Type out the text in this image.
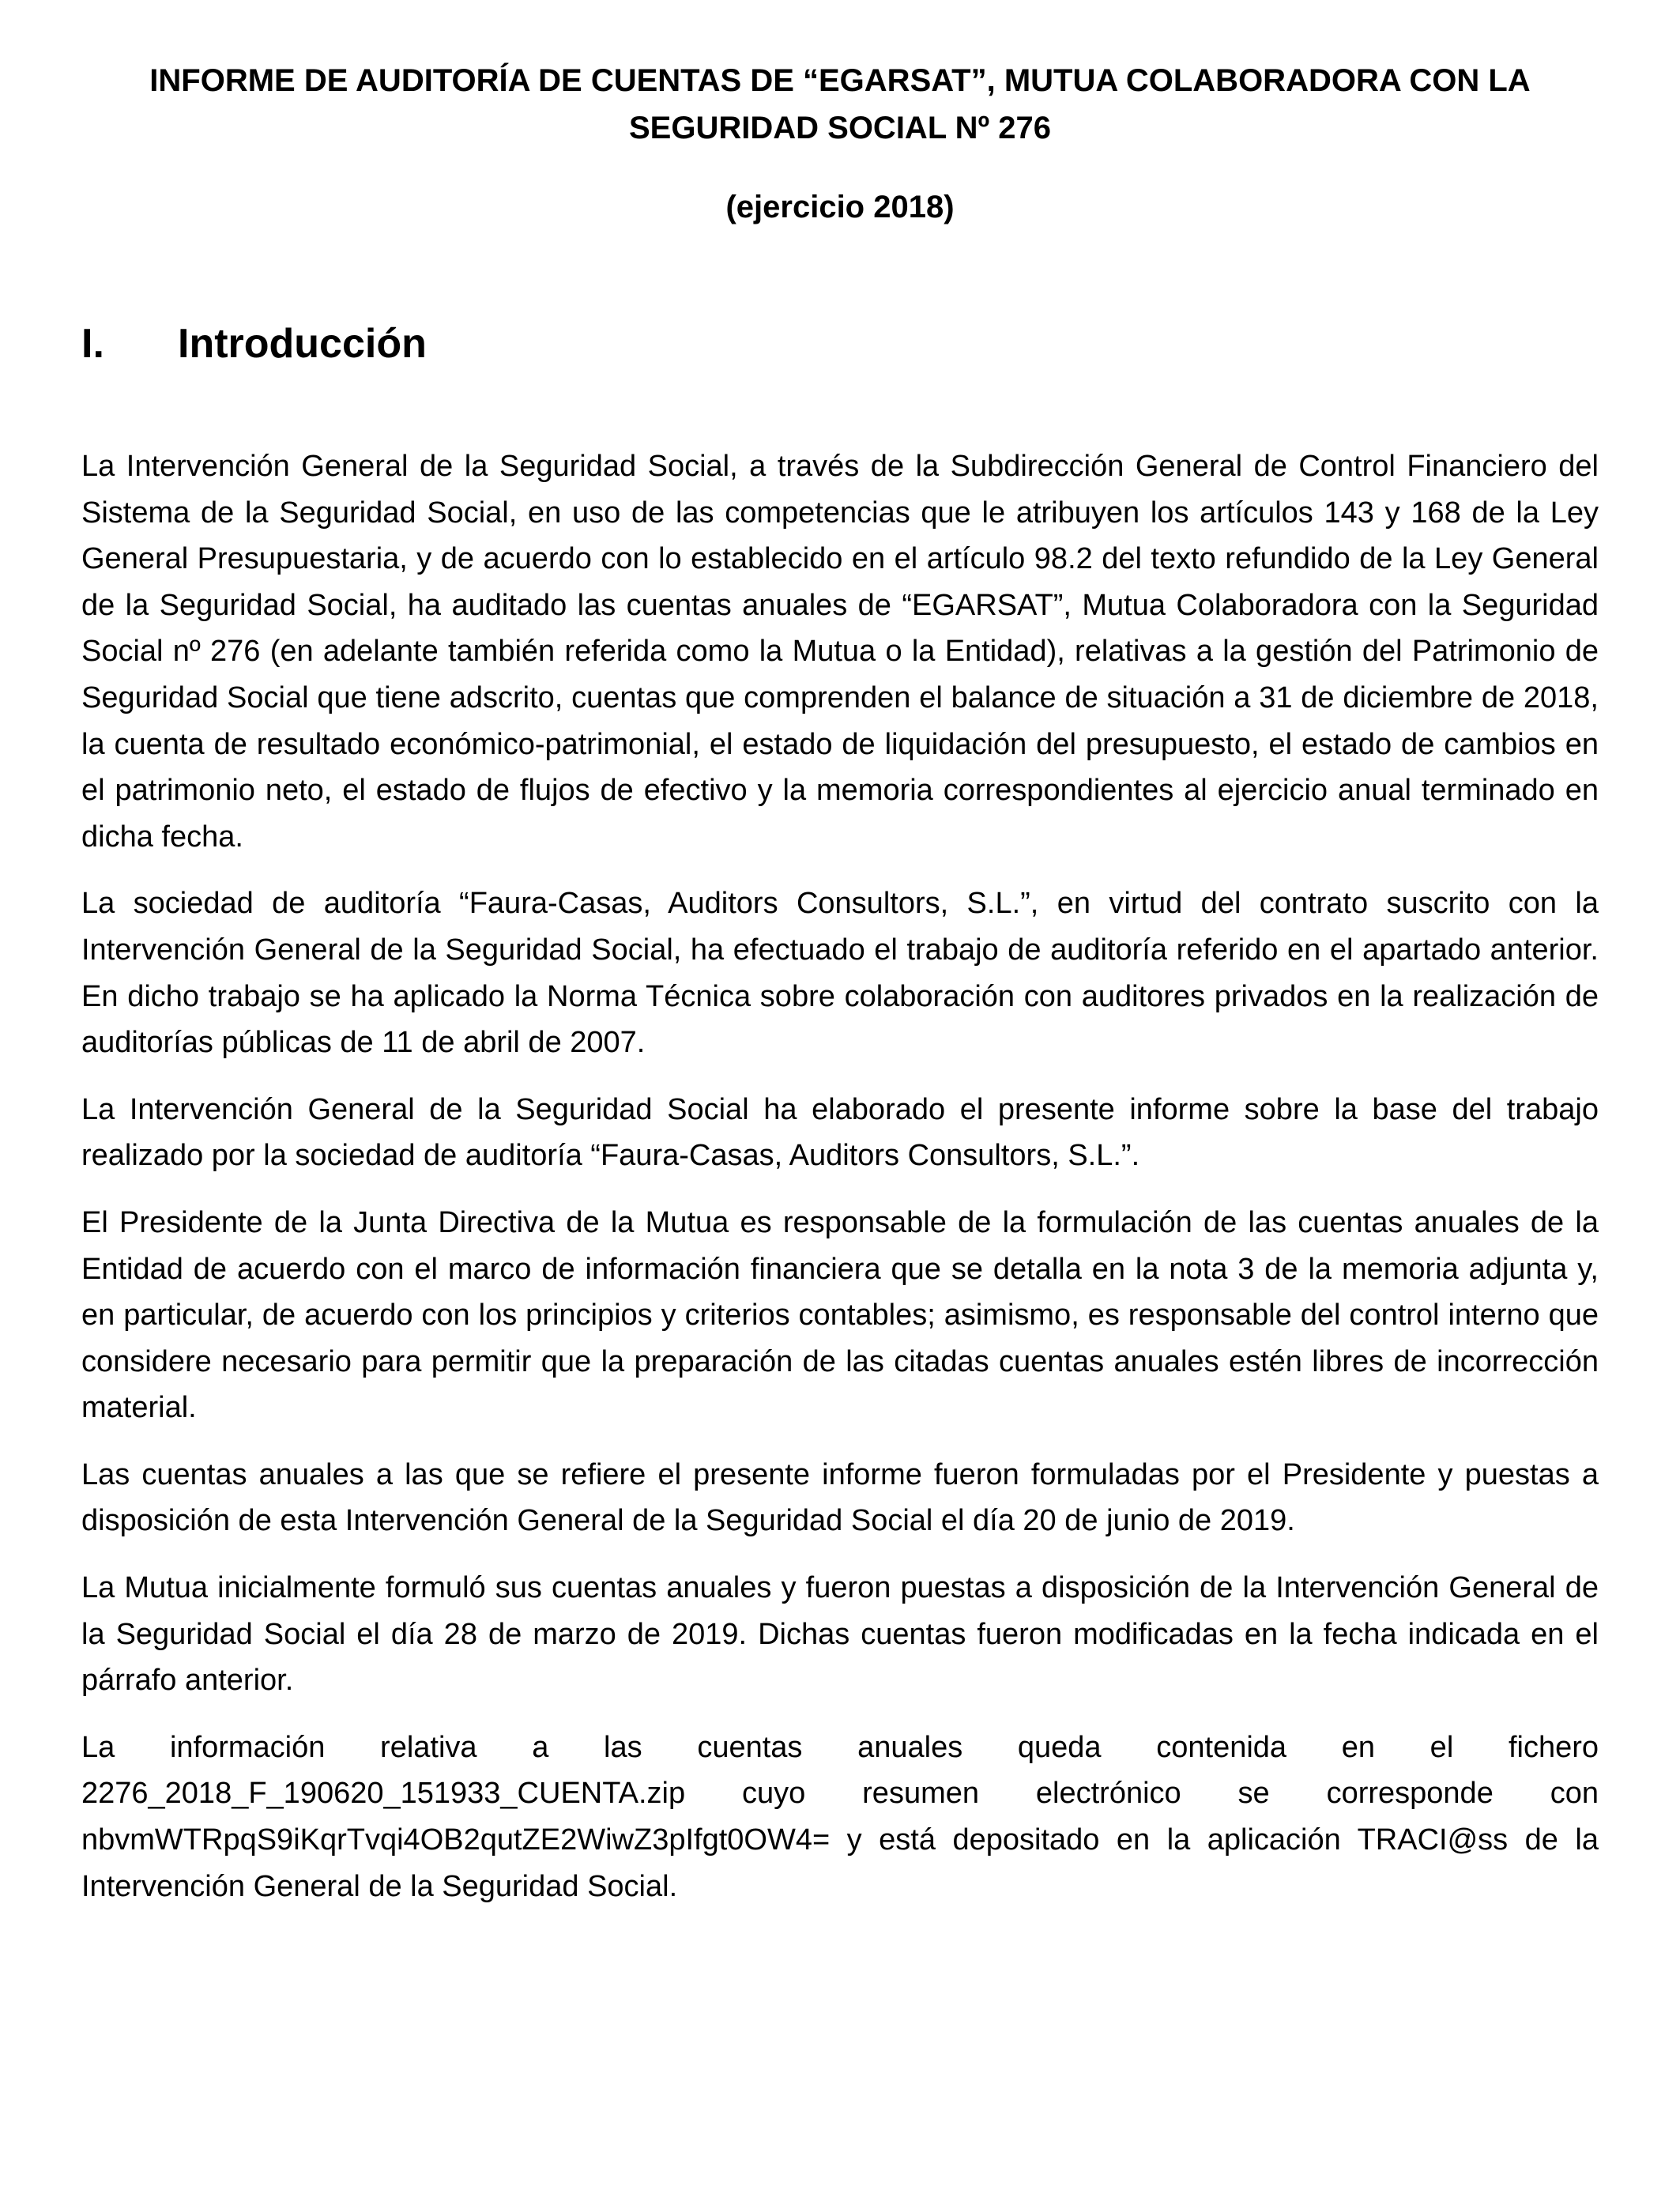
INFORME DE AUDITORÍA DE CUENTAS DE “EGARSAT”, MUTUA COLABORADORA CON LA SEGURIDAD SOCIAL Nº 276
(ejercicio 2018)
I. Introducción

La Intervención General de la Seguridad Social, a través de la Subdirección General de Control Financiero del Sistema de la Seguridad Social, en uso de las competencias que le atribuyen los artículos 143 y 168 de la Ley General Presupuestaria, y de acuerdo con lo establecido en el artículo 98.2 del texto refundido de la Ley General de la Seguridad Social, ha auditado las cuentas anuales de “EGARSAT”, Mutua Colaboradora con la Seguridad Social nº 276 (en adelante también referida como la Mutua o la Entidad), relativas a la gestión del Patrimonio de Seguridad Social que tiene adscrito, cuentas que comprenden el balance de situación a 31 de diciembre de 2018, la cuenta de resultado económico-patrimonial, el estado de liquidación del presupuesto, el estado de cambios en el patrimonio neto, el estado de flujos de efectivo y la memoria correspondientes al ejercicio anual terminado en dicha fecha.

La sociedad de auditoría “Faura-Casas, Auditors Consultors, S.L.”, en virtud del contrato suscrito con la Intervención General de la Seguridad Social, ha efectuado el trabajo de auditoría referido en el apartado anterior. En dicho trabajo se ha aplicado la Norma Técnica sobre colaboración con auditores privados en la realización de auditorías públicas de 11 de abril de 2007.

La Intervención General de la Seguridad Social ha elaborado el presente informe sobre la base del trabajo realizado por la sociedad de auditoría “Faura-Casas, Auditors Consultors, S.L.”.

El Presidente de la Junta Directiva de la Mutua es responsable de la formulación de las cuentas anuales de la Entidad de acuerdo con el marco de información financiera que se detalla en la nota 3 de la memoria adjunta y, en particular, de acuerdo con los principios y criterios contables; asimismo, es responsable del control interno que considere necesario para permitir que la preparación de las citadas cuentas anuales estén libres de incorrección material.

Las cuentas anuales a las que se refiere el presente informe fueron formuladas por el Presidente y puestas a disposición de esta Intervención General de la Seguridad Social el día 20 de junio de 2019.

La Mutua inicialmente formuló sus cuentas anuales y fueron puestas a disposición de la Intervención General de la Seguridad Social el día 28 de marzo de 2019. Dichas cuentas fueron modificadas en la fecha indicada en el párrafo anterior.

La información relativa a las cuentas anuales queda contenida en el fichero 2276_2018_F_190620_151933_CUENTA.zip cuyo resumen electrónico se corresponde con nbvmWTRpqS9iKqrTvqi4OB2qutZE2WiwZ3pIfgt0OW4= y está depositado en la aplicación TRACI@ss de la Intervención General de la Seguridad Social.
